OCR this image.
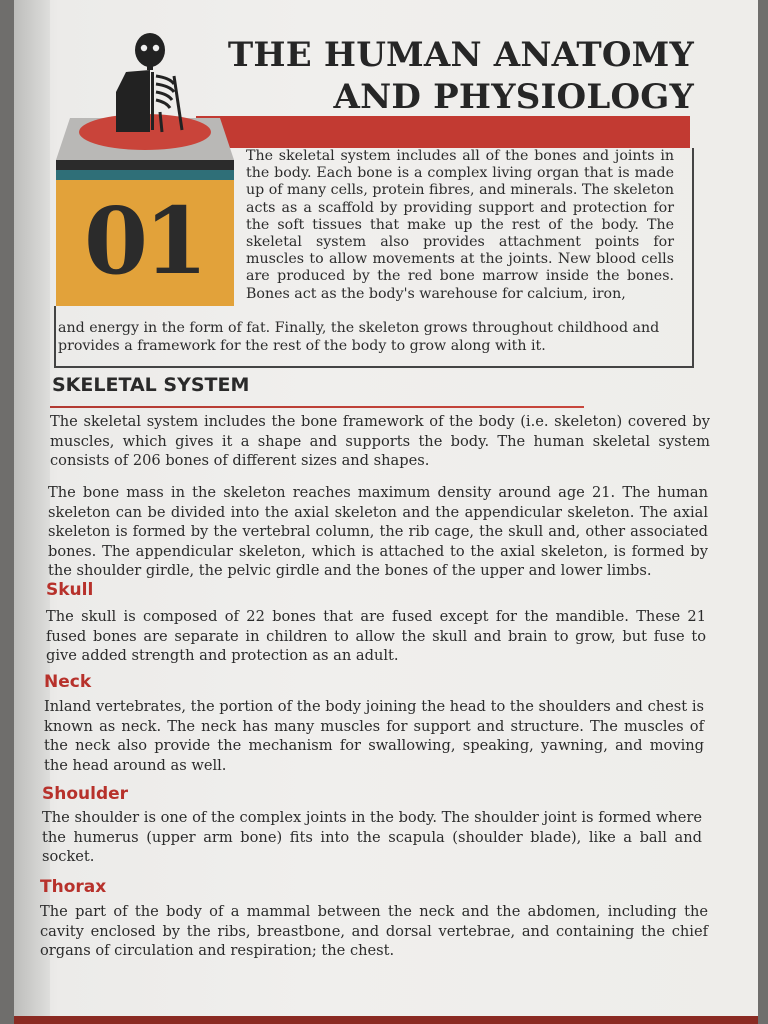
01
THE HUMAN ANATOMY
AND PHYSIOLOGY
The skeletal system includes all of the bones and joints in the body. Each bone is a complex living organ that is made up of many cells, protein fibres, and minerals. The skeleton acts as a scaffold by providing support and protection for the soft tissues that make up the rest of the body. The skeletal system also provides attachment points for muscles to allow movements at the joints. New blood cells are produced by the red bone marrow inside the bones. Bones act as the body's warehouse for calcium, iron,
and energy in the form of fat. Finally, the skeleton grows throughout childhood and provides a framework for the rest of the body to grow along with it.
SKELETAL SYSTEM
The skeletal system includes the bone framework of the body (i.e. skeleton) covered by muscles, which gives it a shape and supports the body. The human skeletal system consists of 206 bones of different sizes and shapes.
The bone mass in the skeleton reaches maximum density around age 21. The human skeleton can be divided into the axial skeleton and the appendicular skeleton. The axial skeleton is formed by the vertebral column, the rib cage, the skull and, other associated bones. The appendicular skeleton, which is attached to the axial skeleton, is formed by the shoulder girdle, the pelvic girdle and the bones of the upper and lower limbs.
Skull
The skull is composed of 22 bones that are fused except for the mandible. These 21 fused bones are separate in children to allow the skull and brain to grow, but fuse to give added strength and protection as an adult.
Neck
Inland vertebrates, the portion of the body joining the head to the shoulders and chest is known as neck. The neck has many muscles for support and structure. The muscles of the neck also provide the mechanism for swallowing, speaking, yawning, and moving the head around as well.
Shoulder
The shoulder is one of the complex joints in the body. The shoulder joint is formed where the humerus (upper arm bone) fits into the scapula (shoulder blade), like a ball and socket.
Thorax
The part of the body of a mammal between the neck and the abdomen, including the cavity enclosed by the ribs, breastbone, and dorsal vertebrae, and containing the chief organs of circulation and respiration; the chest.
